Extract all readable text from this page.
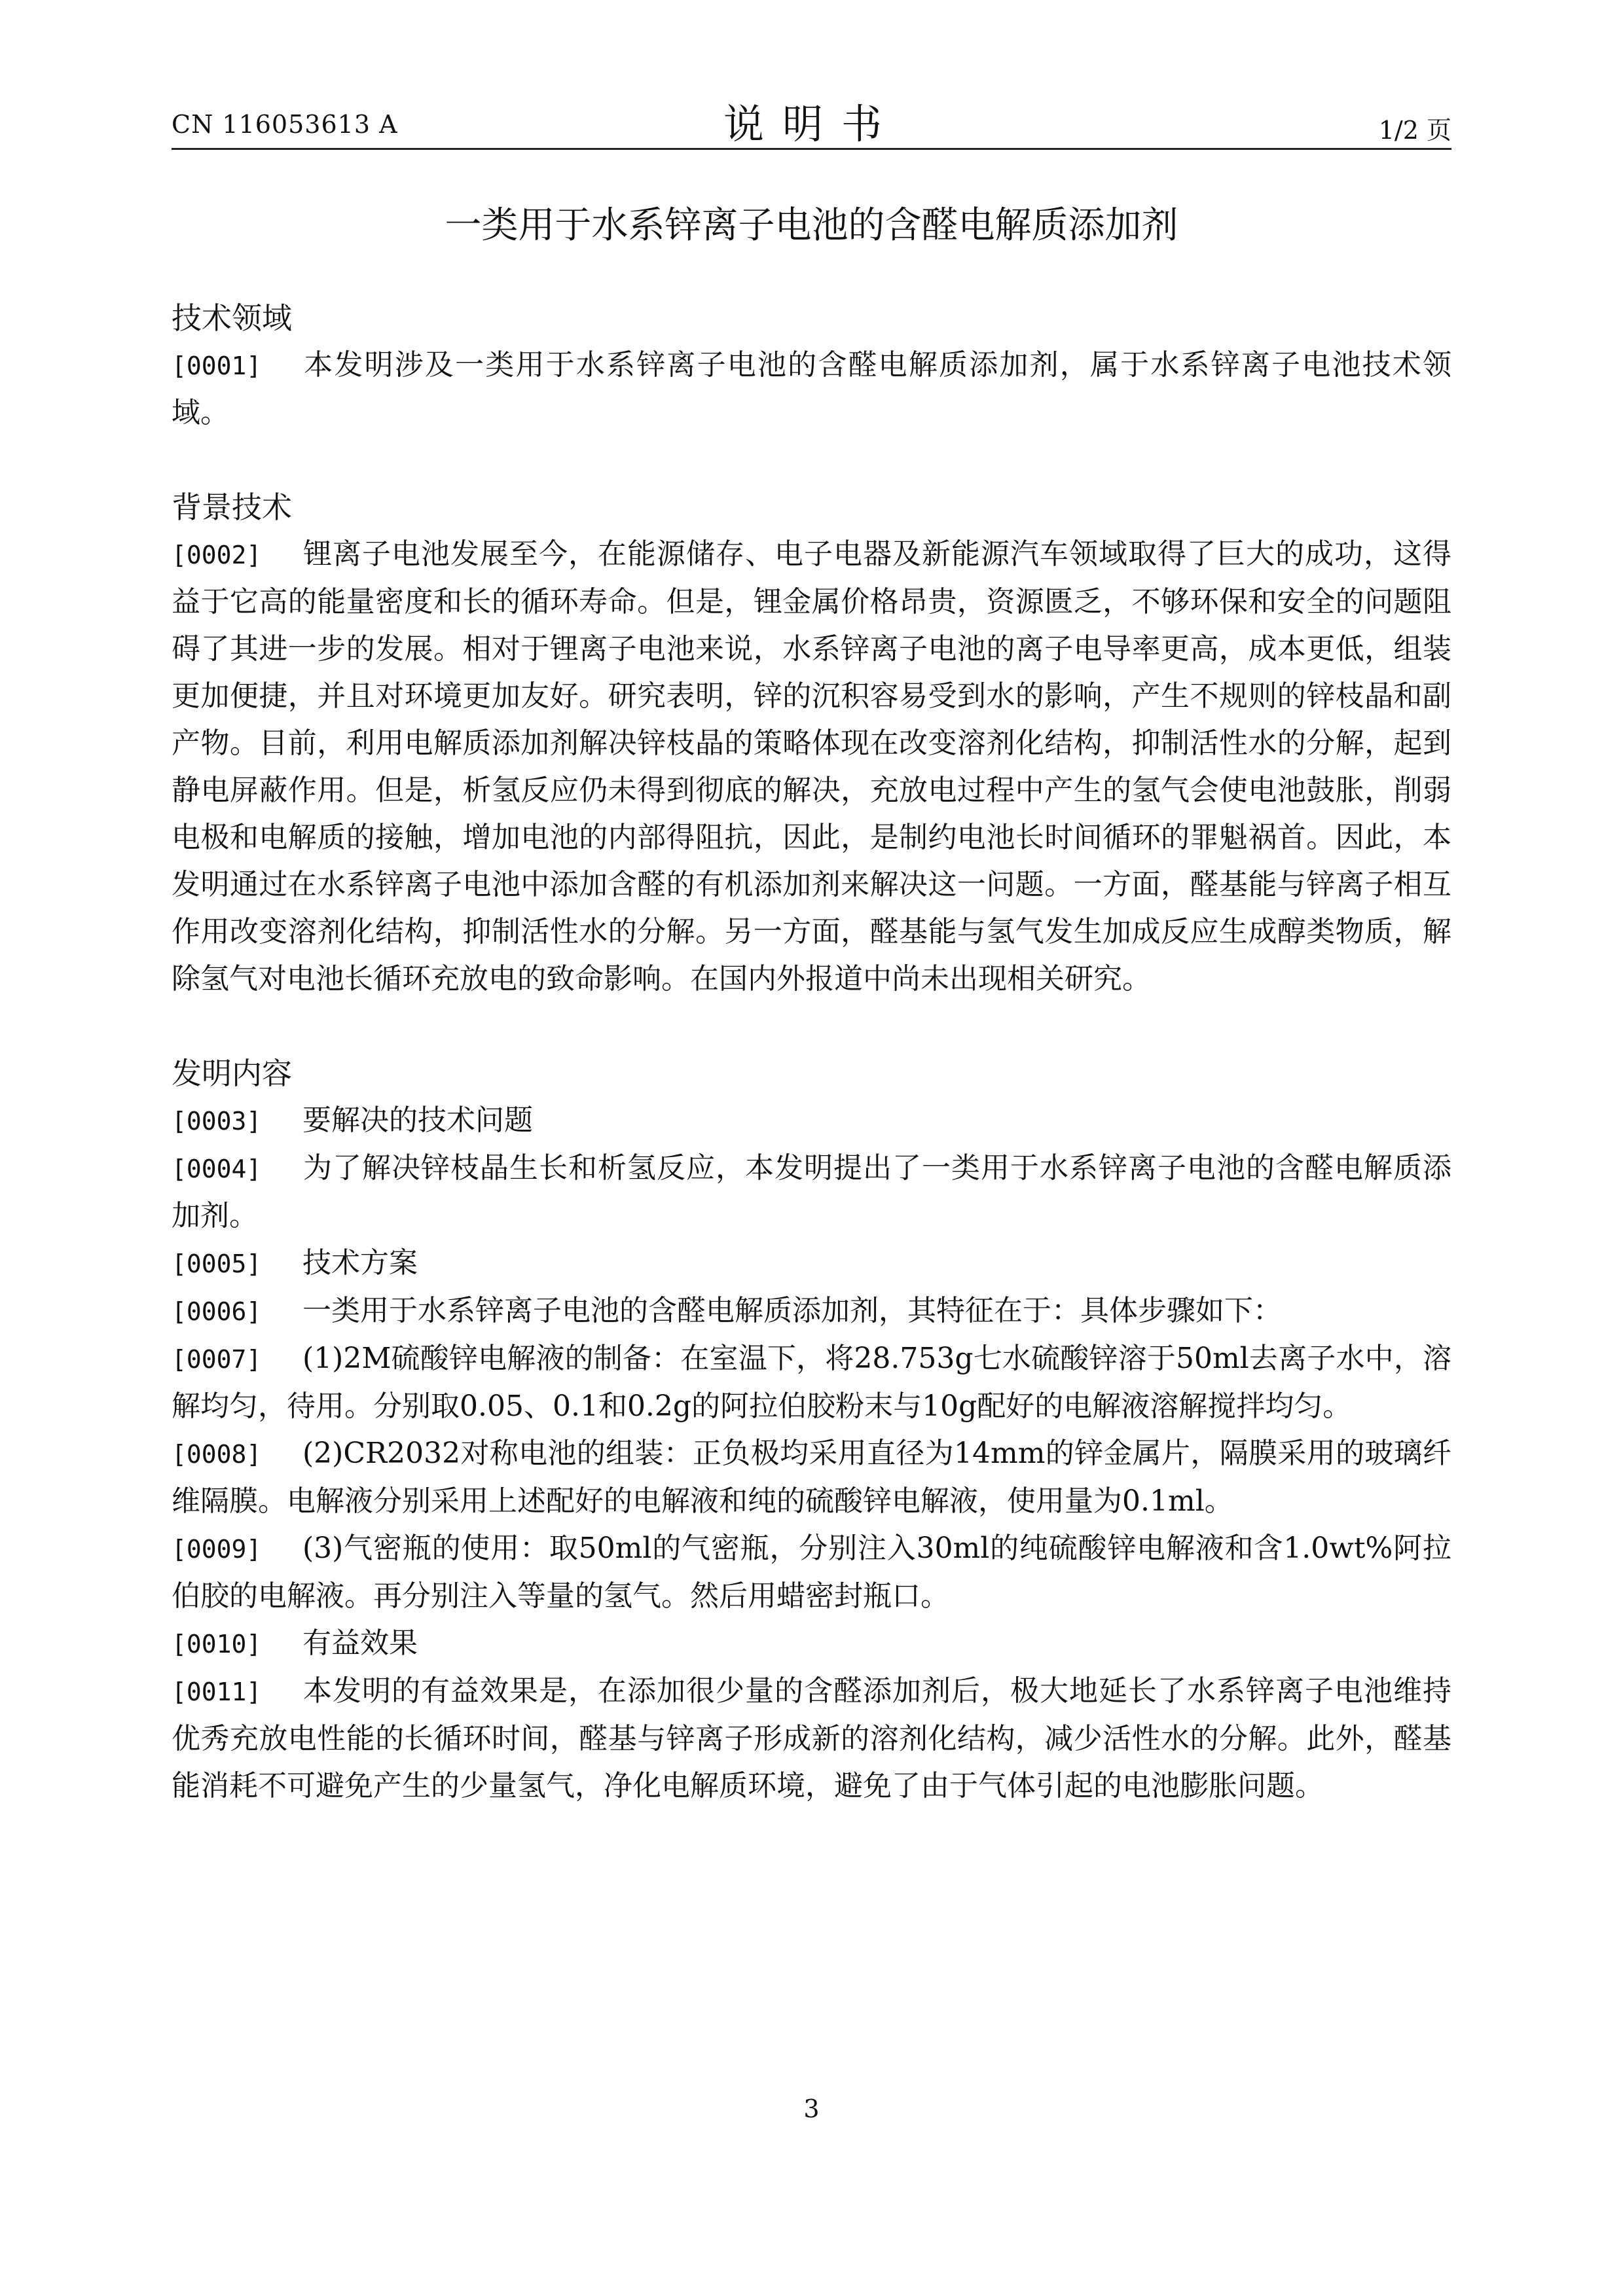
CN 116053613 A	说明书	1/2 页
一类用于水系锌离子电池的含醛电解质添加剂
技术领域

[0001] 本发明涉及一类用于水系锌离子电池的含醛电解质添加剂，属于水系锌离子电池技术领域。

背景技术

[0002] 锂离子电池发展至今，在能源储存、电子电器及新能源汽车领域取得了巨大的成功，这得益于它高的能量密度和长的循环寿命。但是，锂金属价格昂贵，资源匮乏，不够环保和安全的问题阻碍了其进一步的发展。相对于锂离子电池来说，水系锌离子电池的离子电导率更高，成本更低，组装更加便捷，并且对环境更加友好。研究表明，锌的沉积容易受到水的影响，产生不规则的锌枝晶和副产物。目前，利用电解质添加剂解决锌枝晶的策略体现在改变溶剂化结构，抑制活性水的分解，起到静电屏蔽作用。但是，析氢反应仍未得到彻底的解决，充放电过程中产生的氢气会使电池鼓胀，削弱电极和电解质的接触，增加电池的内部得阻抗，因此，是制约电池长时间循环的罪魁祸首。因此，本发明通过在水系锌离子电池中添加含醛的有机添加剂来解决这一问题。一方面，醛基能与锌离子相互作用改变溶剂化结构，抑制活性水的分解。另一方面，醛基能与氢气发生加成反应生成醇类物质，解除氢气对电池长循环充放电的致命影响。在国内外报道中尚未出现相关研究。

发明内容

[0003] 要解决的技术问题

[0004] 为了解决锌枝晶生长和析氢反应，本发明提出了一类用于水系锌离子电池的含醛电解质添加剂。

[0005] 技术方案

[0006] 一类用于水系锌离子电池的含醛电解质添加剂，其特征在于：具体步骤如下：

[0007] (1)2M硫酸锌电解液的制备：在室温下，将28.753g七水硫酸锌溶于50ml去离子水中，溶解均匀，待用。分别取0.05、0.1和0.2g的阿拉伯胶粉末与10g配好的电解液溶解搅拌均匀。

[0008] (2)CR2032对称电池的组装：正负极均采用直径为14mm的锌金属片，隔膜采用的玻璃纤维隔膜。电解液分别采用上述配好的电解液和纯的硫酸锌电解液，使用量为0.1ml。

[0009] (3)气密瓶的使用：取50ml的气密瓶，分别注入30ml的纯硫酸锌电解液和含1.0wt%阿拉伯胶的电解液。再分别注入等量的氢气。然后用蜡密封瓶口。

[0010] 有益效果

[0011] 本发明的有益效果是，在添加很少量的含醛添加剂后，极大地延长了水系锌离子电池维持优秀充放电性能的长循环时间，醛基与锌离子形成新的溶剂化结构，减少活性水的分解。此外，醛基能消耗不可避免产生的少量氢气，净化电解质环境，避免了由于气体引起的电池膨胀问题。

3
